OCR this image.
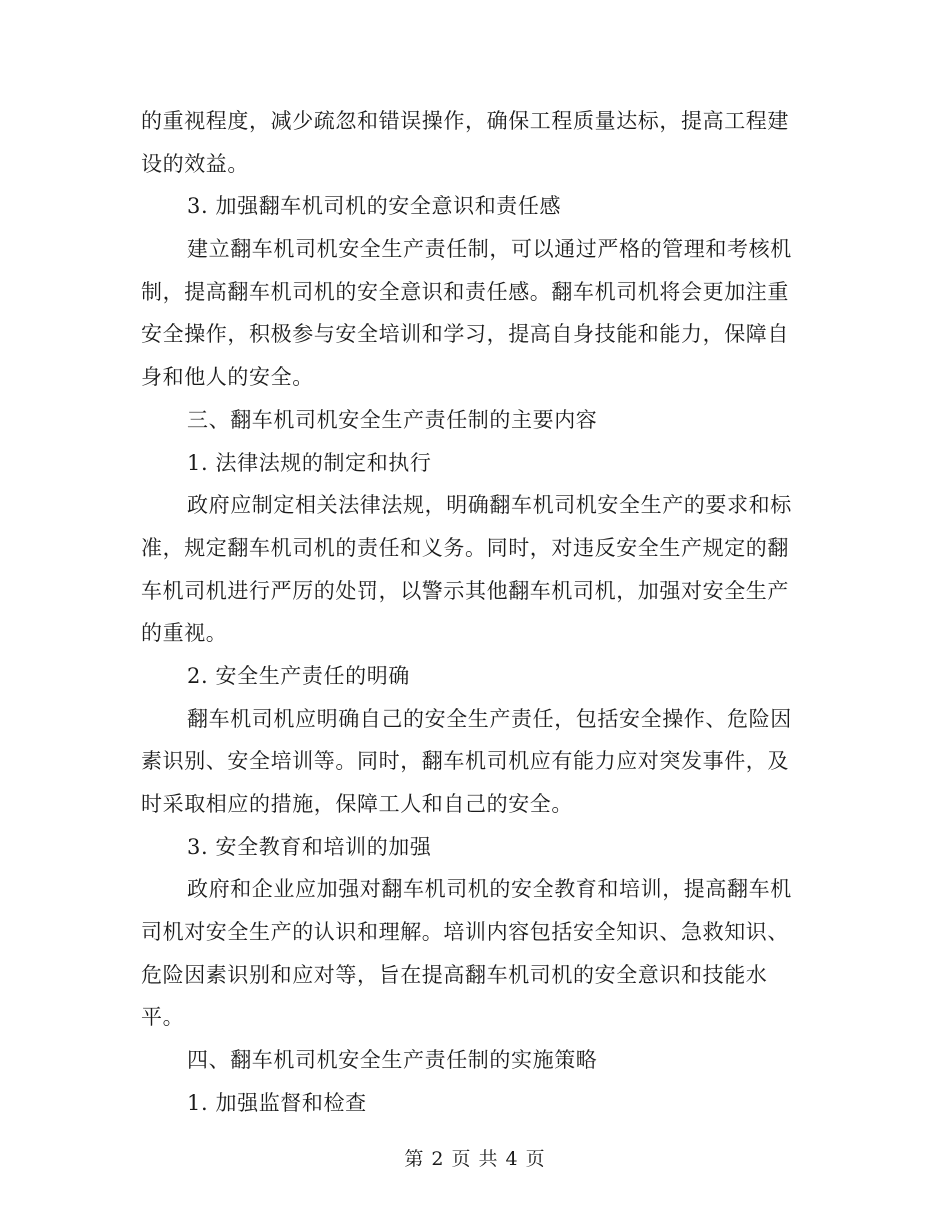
的重视程度，减少疏忽和错误操作，确保工程质量达标，提高工程建
设的效益。
3. 加强翻车机司机的安全意识和责任感
建立翻车机司机安全生产责任制，可以通过严格的管理和考核机
制，提高翻车机司机的安全意识和责任感。翻车机司机将会更加注重
安全操作，积极参与安全培训和学习，提高自身技能和能力，保障自
身和他人的安全。
三、翻车机司机安全生产责任制的主要内容
1. 法律法规的制定和执行
政府应制定相关法律法规，明确翻车机司机安全生产的要求和标
准，规定翻车机司机的责任和义务。同时，对违反安全生产规定的翻
车机司机进行严厉的处罚，以警示其他翻车机司机，加强对安全生产
的重视。
2. 安全生产责任的明确
翻车机司机应明确自己的安全生产责任，包括安全操作、危险因
素识别、安全培训等。同时，翻车机司机应有能力应对突发事件，及
时采取相应的措施，保障工人和自己的安全。
3. 安全教育和培训的加强
政府和企业应加强对翻车机司机的安全教育和培训，提高翻车机
司机对安全生产的认识和理解。培训内容包括安全知识、急救知识、
危险因素识别和应对等，旨在提高翻车机司机的安全意识和技能水
平。
四、翻车机司机安全生产责任制的实施策略
1. 加强监督和检查
第 2 页 共 4 页
